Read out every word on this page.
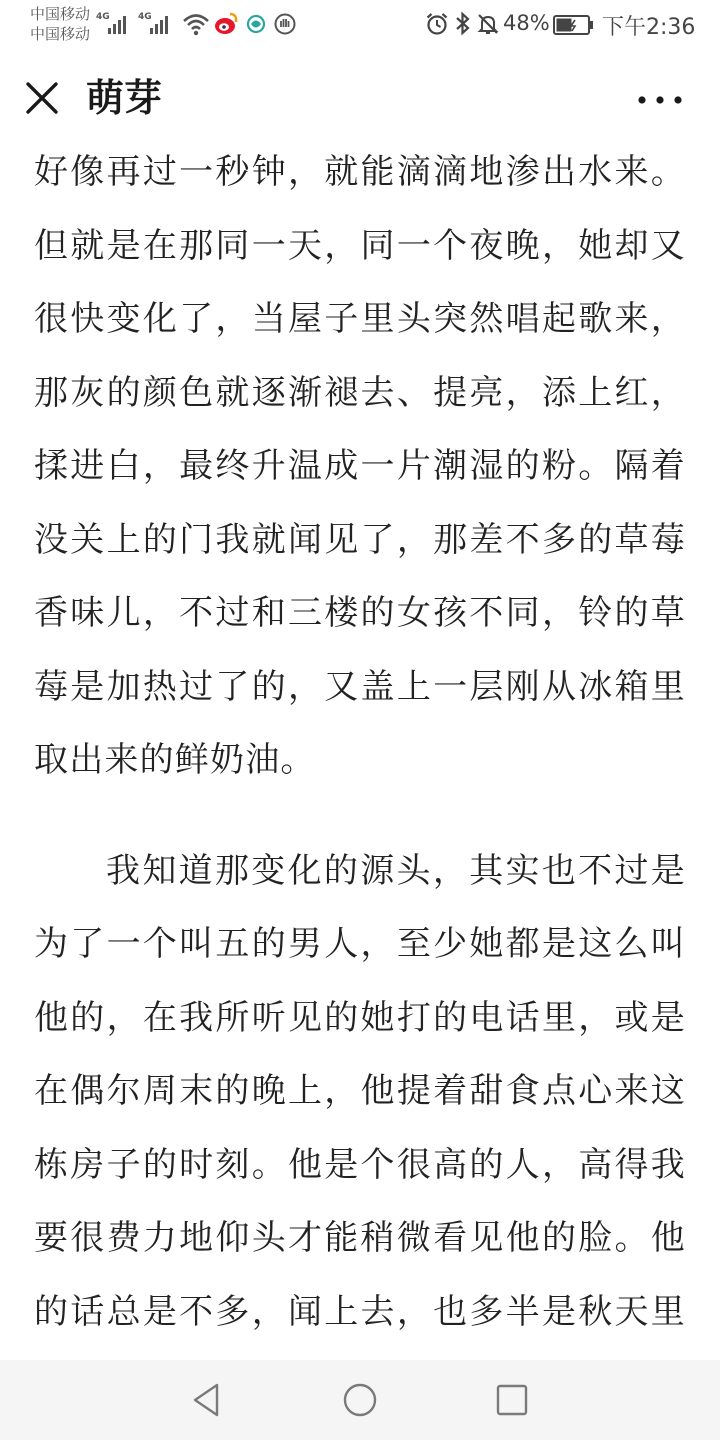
中国移动
中国移动
4G	4G	48% 下午2:36
萌芽

好像再过一秒钟，就能滴滴地渗出水来。但就是在那同一天，同一个夜晚，她却又很快变化了，当屋子里头突然唱起歌来，那灰的颜色就逐渐褪去、提亮，添上红，揉进白，最终升温成一片潮湿的粉。隔着没关上的门我就闻见了，那差不多的草莓香味儿，不过和三楼的女孩不同，铃的草莓是加热过了的，又盖上一层刚从冰箱里取出来的鲜奶油。

我知道那变化的源头，其实也不过是为了一个叫五的男人，至少她都是这么叫他的，在我所听见的她打的电话里，或是在偶尔周末的晚上，他提着甜食点心来这栋房子的时刻。他是个很高的人，高得我要很费力地仰头才能稍微看见他的脸。他的话总是不多，闻上去，也多半是秋天里
